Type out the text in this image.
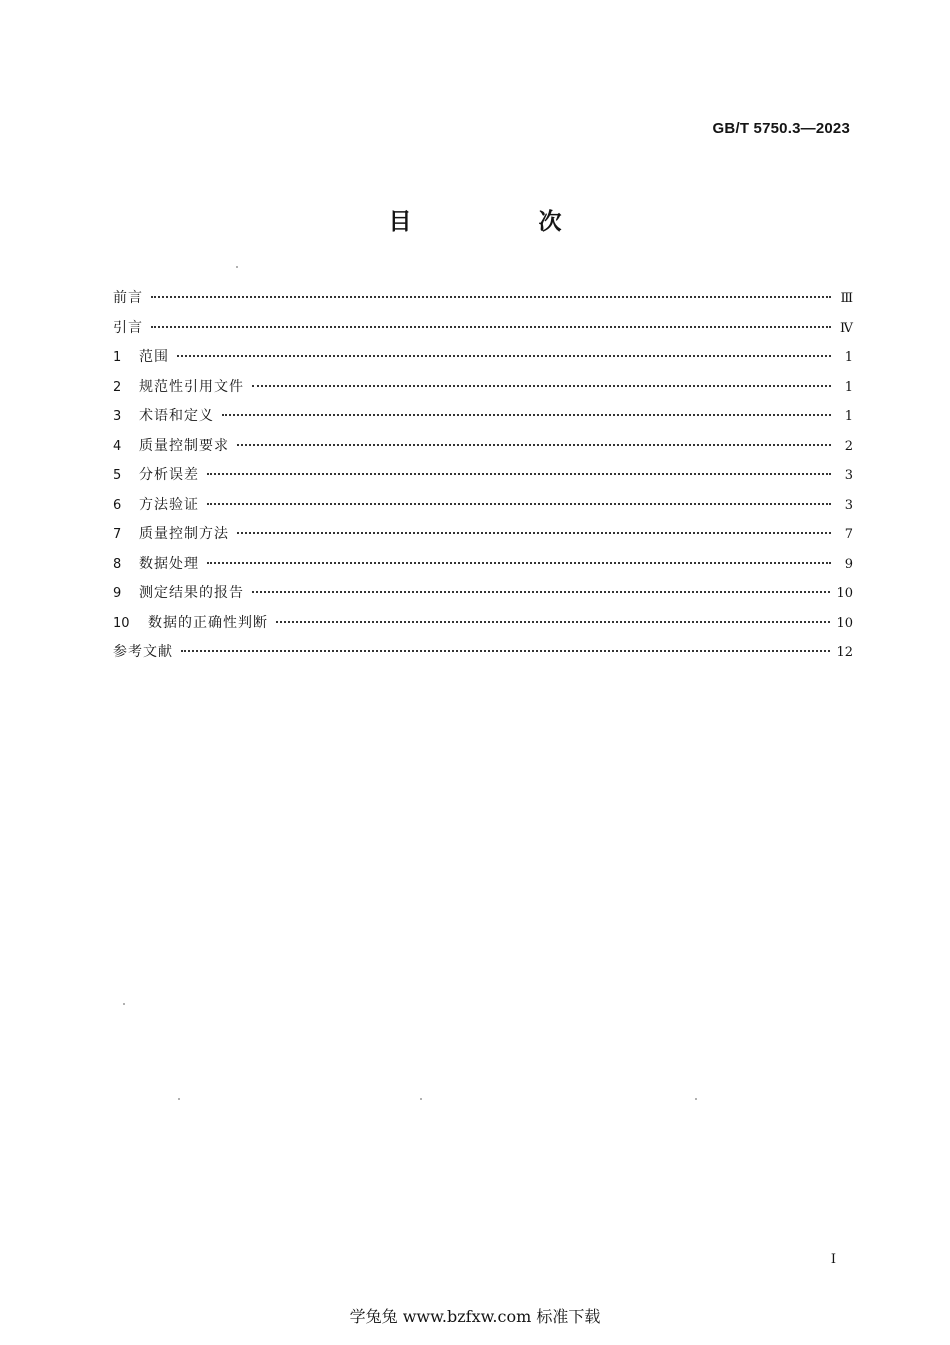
GB/T 5750.3—2023
目　次
前言	Ⅲ
引言	Ⅳ
1	范围	1
2	规范性引用文件	1
3	术语和定义	1
4	质量控制要求	2
5	分析误差	3
6	方法验证	3
7	质量控制方法	7
8	数据处理	9
9	测定结果的报告	10
10	数据的正确性判断	10
参考文献	12
I
学兔兔 www.bzfxw.com 标准下载
